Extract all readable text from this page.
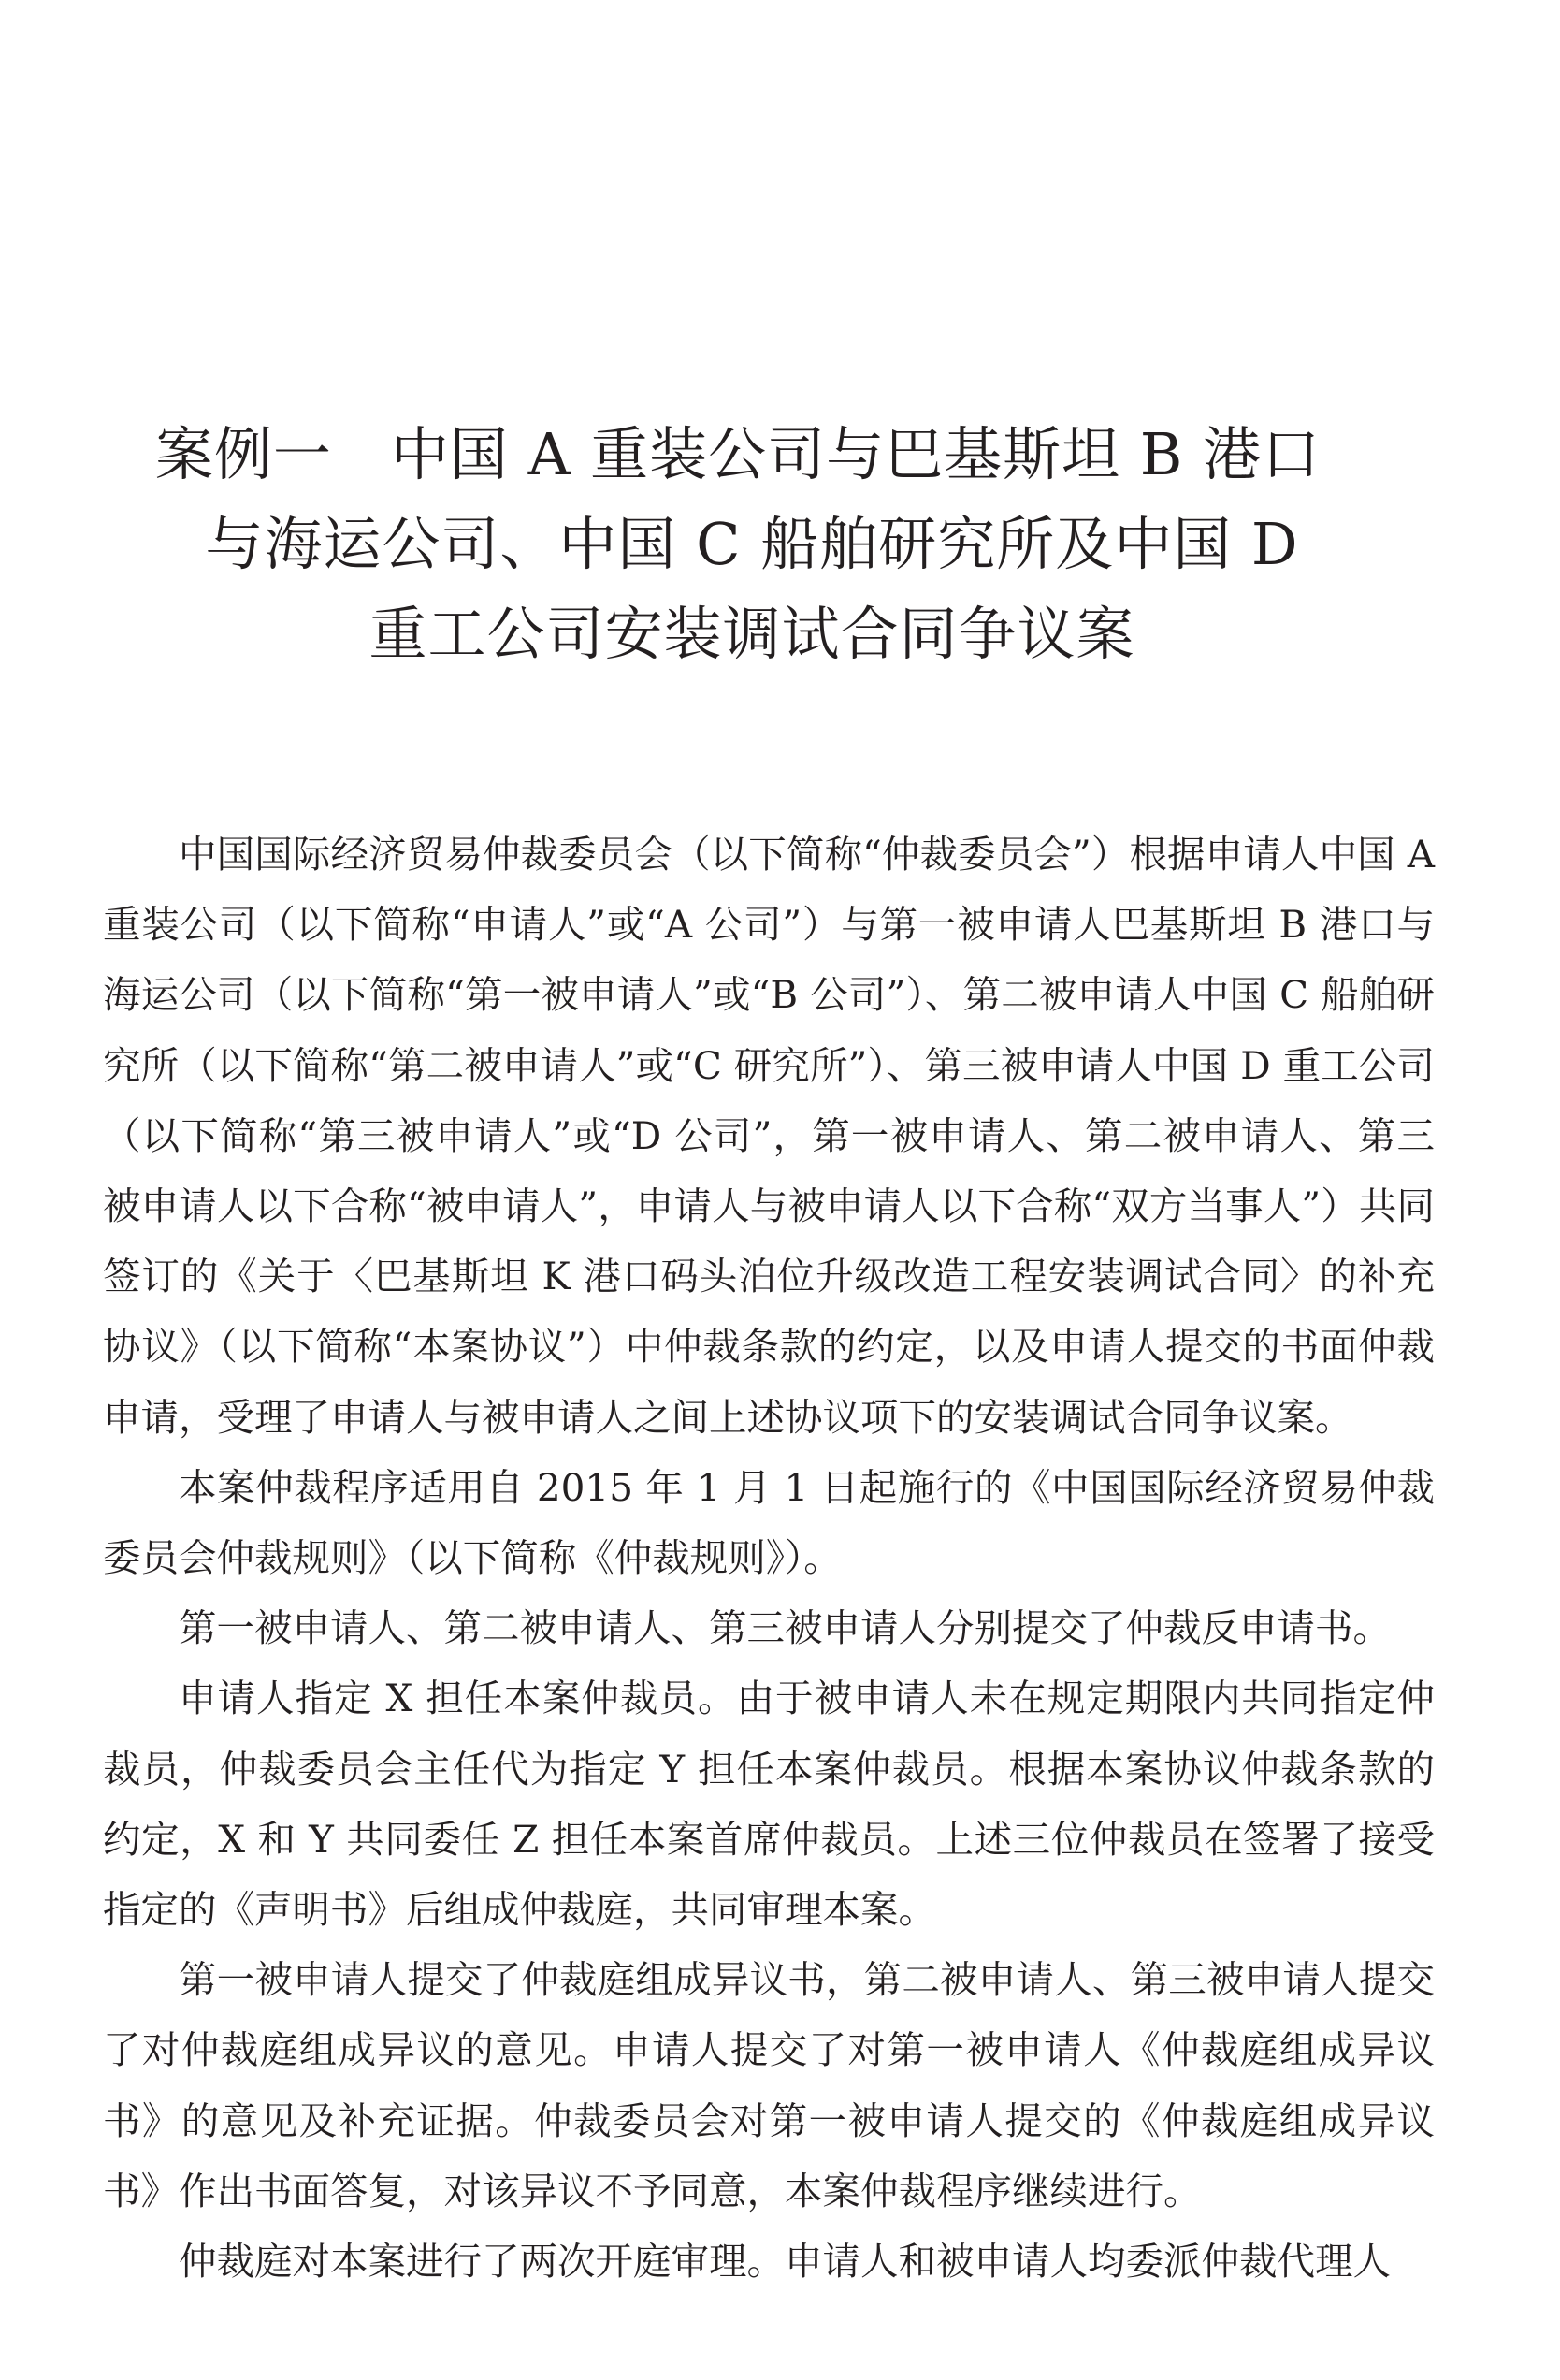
案例一　中国 A 重装公司与巴基斯坦 B 港口
与海运公司、中国 C 船舶研究所及中国 D
重工公司安装调试合同争议案

中国国际经济贸易仲裁委员会（以下简称“仲裁委员会”）根据申请人中国 A 重装公司（以下简称“申请人”或“A 公司”）与第一被申请人巴基斯坦 B 港口与海运公司（以下简称“第一被申请人”或“B 公司”）、第二被申请人中国 C 船舶研究所（以下简称“第二被申请人”或“C 研究所”）、第三被申请人中国 D 重工公司（以下简称“第三被申请人”或“D 公司”，第一被申请人、第二被申请人、第三被申请人以下合称“被申请人”，申请人与被申请人以下合称“双方当事人”）共同签订的《关于〈巴基斯坦 K 港口码头泊位升级改造工程安装调试合同〉的补充协议》（以下简称“本案协议”）中仲裁条款的约定，以及申请人提交的书面仲裁申请，受理了申请人与被申请人之间上述协议项下的安装调试合同争议案。

本案仲裁程序适用自 2015 年 1 月 1 日起施行的《中国国际经济贸易仲裁委员会仲裁规则》（以下简称《仲裁规则》）。

第一被申请人、第二被申请人、第三被申请人分别提交了仲裁反申请书。

申请人指定 X 担任本案仲裁员。由于被申请人未在规定期限内共同指定仲裁员，仲裁委员会主任代为指定 Y 担任本案仲裁员。根据本案协议仲裁条款的约定，X 和 Y 共同委任 Z 担任本案首席仲裁员。上述三位仲裁员在签署了接受指定的《声明书》后组成仲裁庭，共同审理本案。

第一被申请人提交了仲裁庭组成异议书，第二被申请人、第三被申请人提交了对仲裁庭组成异议的意见。申请人提交了对第一被申请人《仲裁庭组成异议书》的意见及补充证据。仲裁委员会对第一被申请人提交的《仲裁庭组成异议书》作出书面答复，对该异议不予同意，本案仲裁程序继续进行。

仲裁庭对本案进行了两次开庭审理。申请人和被申请人均委派仲裁代理人
